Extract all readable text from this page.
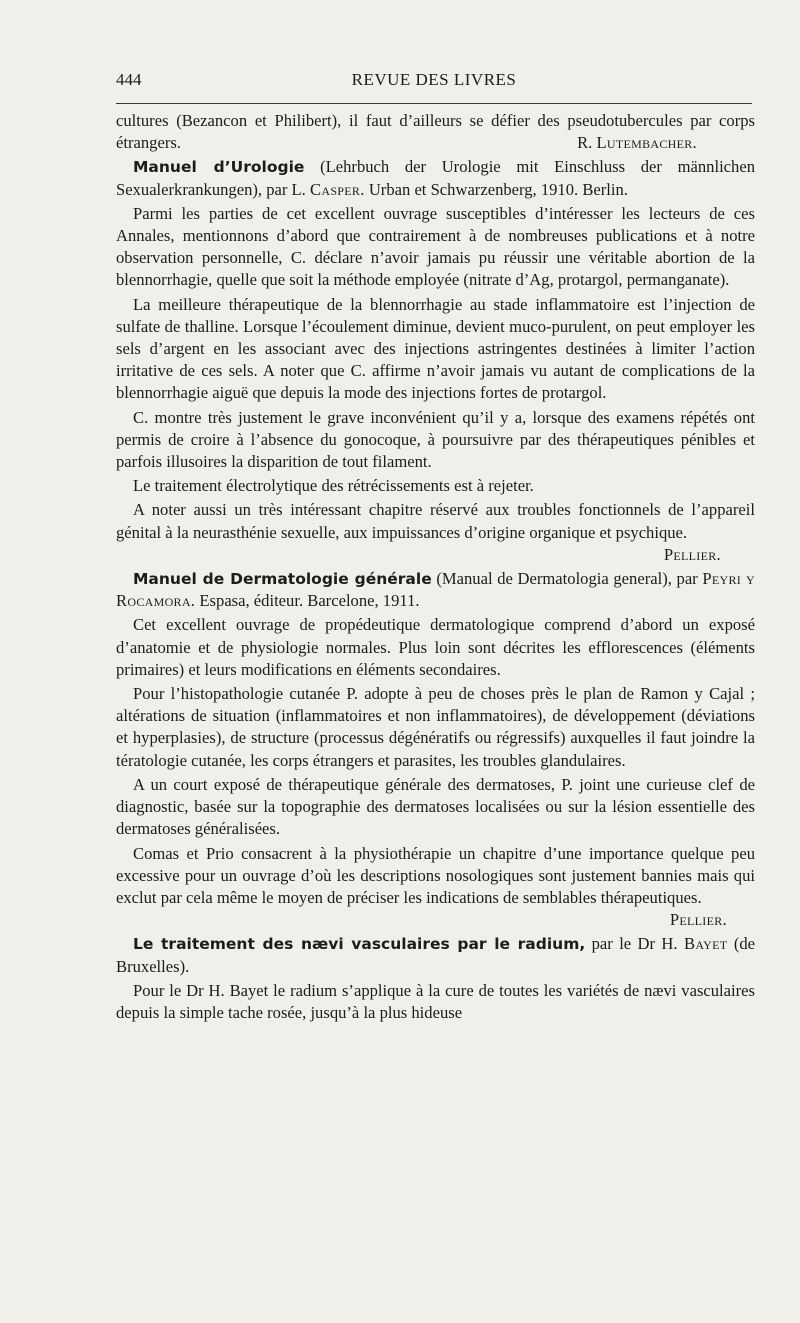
444	REVUE DES LIVRES

cultures (Bezancon et Philibert), il faut d’ailleurs se défier des pseudotubercules par corps étrangers.	R. Lutembacher.

Manuel d’Urologie (Lehrbuch der Urologie mit Einschluss der männlichen Sexualerkrankungen), par L. Casper. Urban et Schwarzenberg, 1910. Berlin.

Parmi les parties de cet excellent ouvrage susceptibles d’intéresser les lecteurs de ces Annales, mentionnons d’abord que contrairement à de nombreuses publications et à notre observation personnelle, C. déclare n’avoir jamais pu réussir une véritable abortion de la blennorrhagie, quelle que soit la méthode employée (nitrate d’Ag, protargol, permanganate).

La meilleure thérapeutique de la blennorrhagie au stade inflammatoire est l’injection de sulfate de thalline. Lorsque l’écoulement diminue, devient muco-purulent, on peut employer les sels d’argent en les associant avec des injections astringentes destinées à limiter l’action irritative de ces sels. A noter que C. affirme n’avoir jamais vu autant de complications de la blennorrhagie aiguë que depuis la mode des injections fortes de protargol.

C. montre très justement le grave inconvénient qu’il y a, lorsque des examens répétés ont permis de croire à l’absence du gonocoque, à poursuivre par des thérapeutiques pénibles et parfois illusoires la disparition de tout filament.

Le traitement électrolytique des rétrécissements est à rejeter.

A noter aussi un très intéressant chapitre réservé aux troubles fonctionnels de l’appareil génital à la neurasthénie sexuelle, aux impuissances d’origine organique et psychique.
Pellier.

Manuel de Dermatologie générale (Manual de Dermatologia general), par Peyri y Rocamora. Espasa, éditeur. Barcelone, 1911.

Cet excellent ouvrage de propédeutique dermatologique comprend d’abord un exposé d’anatomie et de physiologie normales. Plus loin sont décrites les efflorescences (éléments primaires) et leurs modifications en éléments secondaires.

Pour l’histopathologie cutanée P. adopte à peu de choses près le plan de Ramon y Cajal ; altérations de situation (inflammatoires et non inflammatoires), de développement (déviations et hyperplasies), de structure (processus dégénératifs ou régressifs) auxquelles il faut joindre la tératologie cutanée, les corps étrangers et parasites, les troubles glandulaires.

A un court exposé de thérapeutique générale des dermatoses, P. joint une curieuse clef de diagnostic, basée sur la topographie des dermatoses localisées ou sur la lésion essentielle des dermatoses généralisées.

Comas et Prio consacrent à la physiothérapie un chapitre d’une importance quelque peu excessive pour un ouvrage d’où les descriptions nosologiques sont justement bannies mais qui exclut par cela même le moyen de préciser les indications de semblables thérapeutiques.
Pellier.

Le traitement des nævi vasculaires par le radium, par le Dr H. Bayet (de Bruxelles).

Pour le Dr H. Bayet le radium s’applique à la cure de toutes les variétés de nævi vasculaires depuis la simple tache rosée, jusqu’à la plus hideuse
